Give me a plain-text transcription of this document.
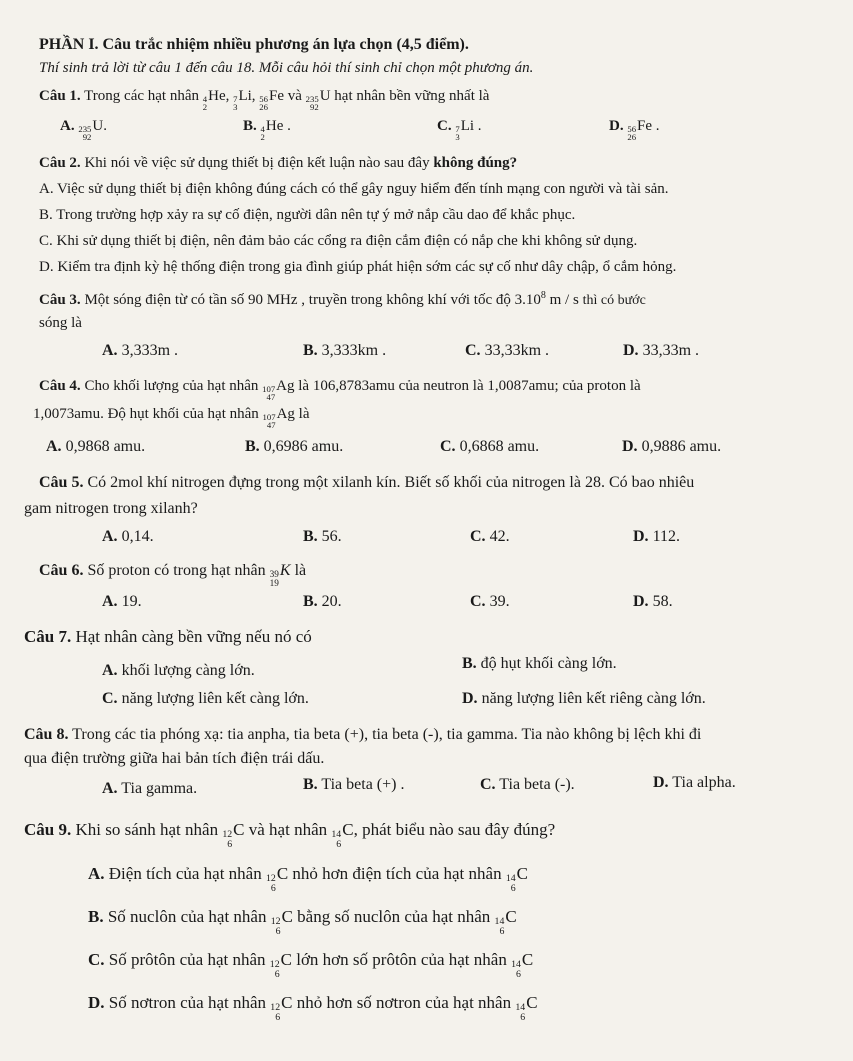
PHẦN I. Câu trắc nhiệm nhiều phương án lựa chọn (4,5 điểm).
Thí sinh trả lời từ câu 1 đến câu 18. Mỗi câu hỏi thí sinh chỉ chọn một phương án.
Câu 1. Trong các hạt nhân 4
2
He, 7
3
Li, 56
26
Fe và 235
92
U hạt nhân bền vững nhất là
A. 235
92
U.	B. 4
2
He .	C. 7
3
Li .	D. 56
26
Fe .
Câu 2. Khi nói về việc sử dụng thiết bị điện kết luận nào sau đây không đúng?
A. Việc sử dụng thiết bị điện không đúng cách có thể gây nguy hiểm đến tính mạng con người và tài sản.
B. Trong trường hợp xảy ra sự cố điện, người dân nên tự ý mở nắp cầu dao để khắc phục.
C. Khi sử dụng thiết bị điện, nên đảm bảo các cổng ra điện cắm điện có nắp che khi không sử dụng.
D. Kiểm tra định kỳ hệ thống điện trong gia đình giúp phát hiện sớm các sự cố như dây chập, ổ cắm hỏng.
Câu 3. Một sóng điện từ có tần số 90 MHz , truyền trong không khí với tốc độ 3.10$^8$ m / s thì có bước
sóng là
A. 3,333m .	B. 3,333km .	C. 33,33km .	D. 33,33m .
Câu 4. Cho khối lượng của hạt nhân 107
47
Ag là 106,8783amu của neutron là 1,0087amu; của proton là
1,0073amu. Độ hụt khối của hạt nhân 107
47
Ag là
A. 0,9868 amu.	B. 0,6986 amu.	C. 0,6868 amu.	D. 0,9886 amu.
Câu 5. Có 2mol khí nitrogen đựng trong một xilanh kín. Biết số khối của nitrogen là 28. Có bao nhiêu
gam nitrogen trong xilanh?
A. 0,14.	B. 56.	C. 42.	D. 112.
Câu 6. Số proton có trong hạt nhân 39
19
K là
A. 19.	B. 20.	C. 39.	D. 58.
Câu 7. Hạt nhân càng bền vững nếu nó có
A. khối lượng càng lớn.	B. độ hụt khối càng lớn.
C. năng lượng liên kết càng lớn.	D. năng lượng liên kết riêng càng lớn.
Câu 8. Trong các tia phóng xạ: tia anpha, tia beta (+), tia beta (-), tia gamma. Tia nào không bị lệch khi đi
qua điện trường giữa hai bản tích điện trái dấu.
A. Tia gamma.	B. Tia beta (+) .	C. Tia beta (-).	D. Tia alpha.
Câu 9. Khi so sánh hạt nhân 12
6
C và hạt nhân 14
6
C, phát biểu nào sau đây đúng?
A. Điện tích của hạt nhân 12
6
C nhỏ hơn điện tích của hạt nhân 14
6
C
B. Số nuclôn của hạt nhân 12
6
C bằng số nuclôn của hạt nhân 14
6
C
C. Số prôtôn của hạt nhân 12
6
C lớn hơn số prôtôn của hạt nhân 14
6
C
D. Số nơtron của hạt nhân 12
6
C nhỏ hơn số nơtron của hạt nhân 14
6
C
